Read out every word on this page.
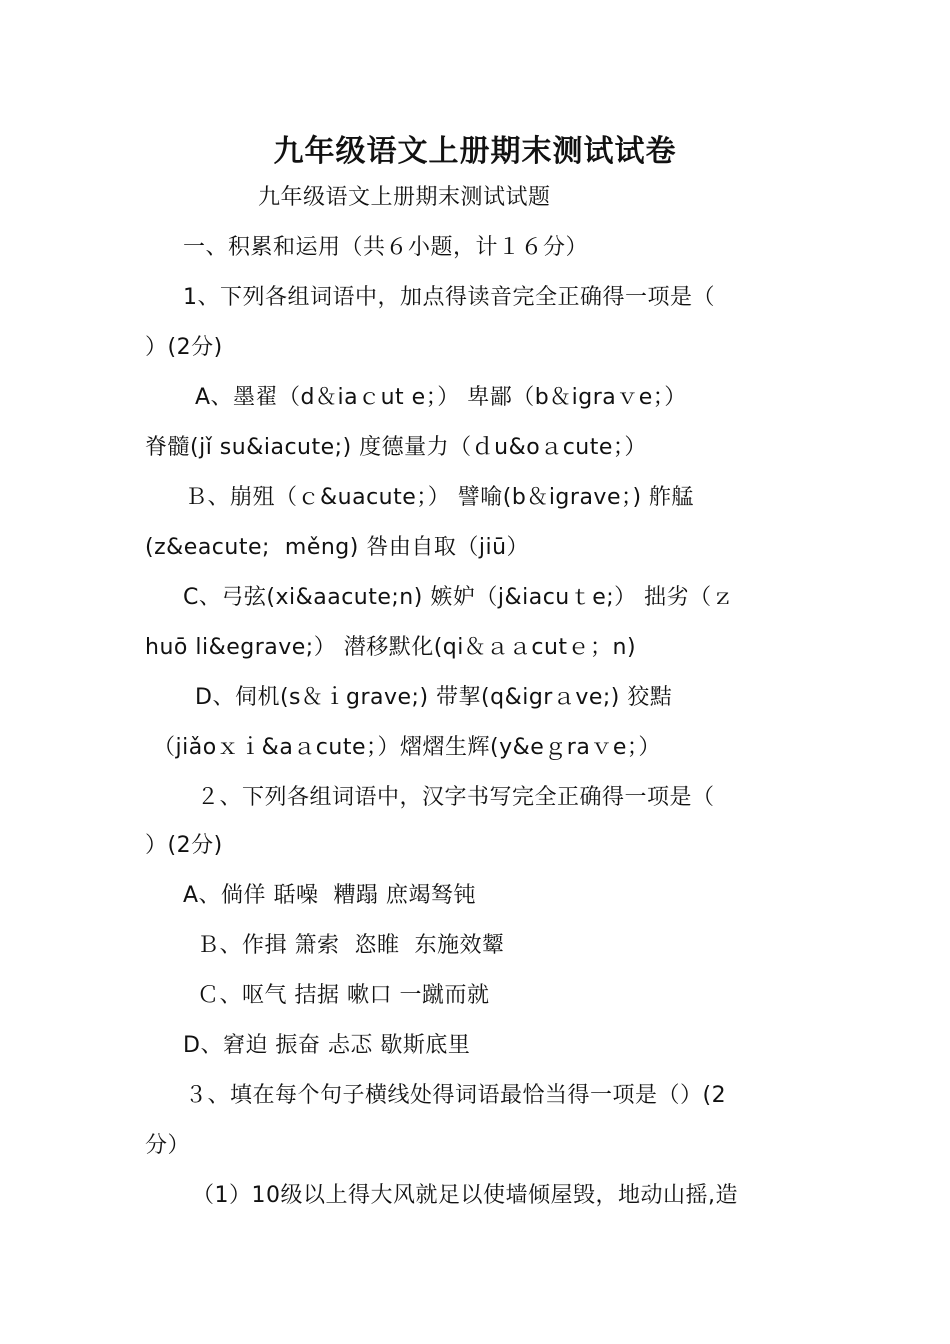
九年级语文上册期末测试试卷
九年级语文上册期末测试试题
一、积累和运用（共６小题，计１６分）
1、下列各组词语中，加点得读音完全正确得一项是（
）(2分)
A、墨翟（d＆iaｃut e；） 卑鄙（b＆igraｖe；）
脊髓(jǐ su&iacute;) 度德量力（ｄu&oａcute；）
Ｂ、崩殂（ｃ&uacute；） 譬喻(b＆igrave；) 舴艋
(z&eacute;  měng) 咎由自取（jiū）
C、弓弦(xi&aacute;n) 嫉妒（j&iacuｔe;） 拙劣（ｚ
huō li&egrave;） 潜移默化(qi＆ａａcutｅ；n)
D、伺机(s＆ｉgrave;) 带挈(q&igrａve;) 狡黠
（jiǎoｘｉ&aａcute；）熠熠生辉(y&eｇraｖe；）
２、下列各组词语中，汉字书写完全正确得一项是（
）(2分)
A、倘佯 聒噪  糟蹋 庶竭驽钝
Ｂ、作揖 箫索  恣睢  东施效颦
Ｃ、呕气 拮据 嗽口 一蹴而就
D、窘迫 振奋 忐忑 歇斯底里
３、填在每个句子横线处得词语最恰当得一项是（）(2
分）
（1）10级以上得大风就足以使墙倾屋毁，地动山摇,造
